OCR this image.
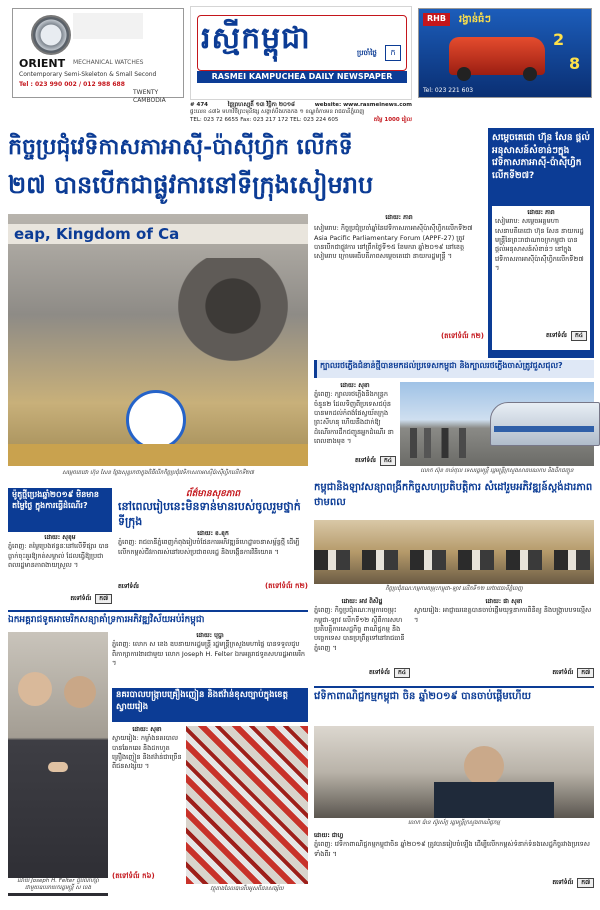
ORIENT MECHANICAL WATCHES
Contemporary Semi-Skeleton & Small Second
Tel : 023 990 002 / 012 988 688
TWENTY CAMBODIA
រស្មីកម្ពុជា	ប្រចាំថ្ងៃ	ក
RASMEI KAMPUCHEA DAILY NEWSPAPER
RHB	រង្វាន់ធំៗ
2
8
Tel: 023 221 603
# 474	ថ្ងៃព្រហស្បតិ៍ ១៣ វិច្ឆិកា ២០១៨	website: www.rasmeinews.com
ផ្ទះលេខ ៤៧៦ មហាវិថីព្រះមុនីវង្ស សង្កាត់បឹងកេងកង ១ ខណ្ឌចំការមន រាជធានីភ្នំពេញ
TEL: 023 72 6655 Fax: 023 217 172 TEL: 023 224 605	តម្លៃ 1000 រៀល
កិច្ចប្រជុំវេទិកាសភាអាស៊ី-ប៉ាស៊ីហ្វិក លើកទី
២៧ បានបើកជាផ្លូវការនៅទីក្រុងសៀមរាប
eap, Kingdom of Ca
សម្តេចតេជោ ហ៊ុន សែន ថ្លែងសុន្ទរកថាក្នុងពិធីបើកកិច្ចប្រជុំវេទិកាសភាអាស៊ីប៉ាស៊ីហ្វិកលើកទី២៧
ដោយ: ភារា
សៀមរាប: កិច្ចប្រជុំប្រចាំឆ្នាំនៃវេទិកាសភាអាស៊ីប៉ាស៊ីហ្វិកលើកទី២៧ Asia Pacific Parliamentary Forum (APPF-27) ត្រូវបានបើកជាផ្លូវការ នៅព្រឹកថ្ងៃទី១៥ ខែមករា ឆ្នាំ២០១៩ នៅខេត្តសៀមរាប ក្រោមអធិបតីភាពសម្តេចតេជោ នាយករដ្ឋមន្ត្រី ។
(តទៅទំព័រ ក២)
សម្តេចតេជោ ហ៊ុន សែន ផ្តល់អនុសាសន៍សំខាន់ៗក្នុងវេទិកាសភាអាស៊ី-ប៉ាស៊ីហ្វិកលើកទី២៧?
ដោយ: ភារា
សៀមរាប: សម្តេចអគ្គមហាសេនាបតីតេជោ ហ៊ុន សែន នាយករដ្ឋមន្ត្រីនៃព្រះរាជាណាចក្រកម្ពុជា បានផ្តល់អនុសាសន៍សំខាន់ៗ នៅក្នុងវេទិកាសភាអាស៊ីប៉ាស៊ីហ្វិកលើកទី២៧ ។
តទៅទំព័រ	ក៤
ក្បាលរថភ្លើងជំនាន់ថ្មីបានមកដល់ប្រទេសកម្ពុជា និងក្បាលរថភ្លើងចាស់ត្រូវជួសជុល?
ដោយ: សុខា
ភ្នំពេញ: ក្បាលរថភ្លើងនិងកន្ត្រកចំនួន២ ដែលទិញពីប្រទេសជប៉ុន បានមកដល់កំពង់ផែស្វយ័តក្រុងព្រះសីហនុ ហើយនឹងដាក់ឱ្យដំណើរការដឹកជញ្ជូនអ្នកដំណើរ នាពេលខាងមុខ ។
តទៅទំព័រ	ក៤
លោក ស៊ុន ចាន់ថុល ទេសរដ្ឋមន្ត្រី រដ្ឋមន្ត្រីក្រសួងសាធារណការ និងដឹកជញ្ជូន
ម៉ូតូថ្មីប្រេងឆ្នាំ២០១៩ មិនមានតម្លៃថ្លៃ ក្នុងការធ្វើដំណើរ?
ដោយ: សុខុម
ភ្នំពេញ: តម្លៃប្រេងឥន្ធនៈនៅលើទីផ្សារ បានធ្លាក់ចុះគួរឱ្យកត់សម្គាល់ ដែលធ្វើឱ្យប្រជាពលរដ្ឋមានភាពងាយស្រួល ។
តទៅទំព័រ	ក៧
ព័ត៌មានសុខភាព
នៅពេលរៀបនេះមិនទាន់មានរបស់ចូលរួមថ្នាក់ទីក្រុង
ដោយ: ខ.ខុក
ភ្នំពេញ: រាជធានីភ្នំពេញកំពុងរៀបចំផែនការអភិវឌ្ឍន៍ហេដ្ឋារចនាសម្ព័ន្ធថ្មី ដើម្បីលើកកម្ពស់ជីវភាពរស់នៅរបស់ប្រជាពលរដ្ឋ និងបង្កើនការវិនិយោគ ។
តទៅទំព័រ	(តទៅទំព័រ ក២)
កម្ពុជានិងឡាវសន្យាពង្រីកកិច្ចសហប្រតិបត្តិការ សំដៅរួមអភិវឌ្ឍន៍ស្តង់ដារភាពថាមពល
កិច្ចប្រជុំគណៈកម្មការចម្រុះកម្ពុជា-ឡាវ លើកទី១២ នៅរាជធានីភ្នំពេញ
ដោយ: អាវ ពិសិដ្ឋ
ភ្នំពេញ: កិច្ចប្រជុំគណៈកម្មការចម្រុះកម្ពុជា-ឡាវ លើកទី១២ ស្តីពីការសហប្រតិបត្តិការសេដ្ឋកិច្ច ពាណិជ្ជកម្ម និងបច្ចេកទេស បានប្រព្រឹត្តទៅនៅរាជធានីភ្នំពេញ ។
តទៅទំព័រ	ក៤
ឯកអគ្គរាជទូតអាមេរិកសន្យាគាំទ្រការអភិវឌ្ឍវិស័យអប់រំកម្ពុជា
ដោយ Joseph H. Felter ជួបពិភាក្សា
ជាមួយឧបនាយករដ្ឋមន្ត្រី ស ខេង
ដោយ: បុប្ផា
ភ្នំពេញ: លោក ស ខេង ឧបនាយករដ្ឋមន្ត្រី រដ្ឋមន្ត្រីក្រសួងមហាផ្ទៃ បានទទួលជួបពិភាក្សាការងារជាមួយ លោក Joseph H. Felter ឯកអគ្គរាជទូតសហរដ្ឋអាមេរិក ។
នគរបាលបង្ក្រាបគ្រឿងញៀន និងឥវ៉ាន់ខុសច្បាប់ក្នុងខេត្តស្វាយរៀង
ដោយ: សុខា
ស្វាយរៀង: កម្លាំងនគរបាលបានឆែកឆេរ និងដកហូតគ្រឿងញៀន និងឥវ៉ាន់ជាច្រើន ពីជនសង្ស័យ ។
(តទៅទំព័រ ក៦)
វត្ថុតាងដែលបានរឹបអូសពីជនសង្ស័យ
ដោយ: ផា សុខា
ស្វាយរៀង: អាជ្ញាធរខេត្តបានចាប់ផ្តើមយុទ្ធនាការពិនិត្យ និងបង្ក្រាបបទល្មើស ។
តទៅទំព័រ	ក៧
វេទិកាពាណិជ្ជកម្មកម្ពុជា ចិន ឆ្នាំ២០១៩ បានចាប់ផ្តើមហើយ
លោក ប៉ាន ស៊ូរស័ក្ត រដ្ឋមន្ត្រីក្រសួងពាណិជ្ជកម្ម
ដោយ: ជាហ្វ
ភ្នំពេញ: វេទិកាពាណិជ្ជកម្មកម្ពុជាចិន ឆ្នាំ២០១៩ ត្រូវបានរៀបចំឡើង ដើម្បីលើកកម្ពស់ទំនាក់ទំនងសេដ្ឋកិច្ចរវាងប្រទេសទាំងពីរ ។
តទៅទំព័រ	ក៧
